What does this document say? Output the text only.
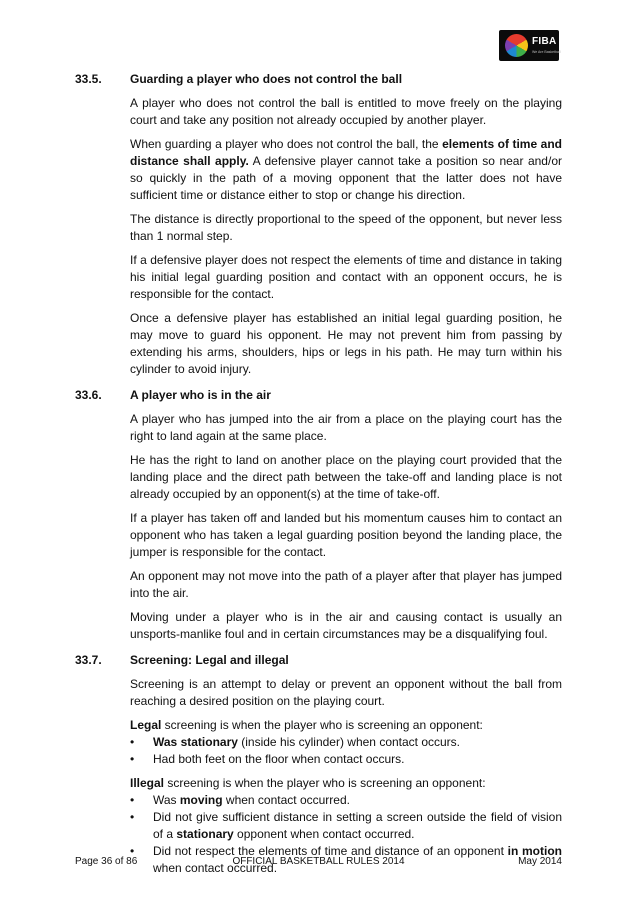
FIBA
We Are Basketball
33.5. Guarding a player who does not control the ball

A player who does not control the ball is entitled to move freely on the playing court and take any position not already occupied by another player.

When guarding a player who does not control the ball, the elements of time and distance shall apply. A defensive player cannot take a position so near and/or so quickly in the path of a moving opponent that the latter does not have sufficient time or distance either to stop or change his direction.

The distance is directly proportional to the speed of the opponent, but never less than 1 normal step.

If a defensive player does not respect the elements of time and distance in taking his initial legal guarding position and contact with an opponent occurs, he is responsible for the contact.

Once a defensive player has established an initial legal guarding position, he may move to guard his opponent. He may not prevent him from passing by extending his arms, shoulders, hips or legs in his path. He may turn within his cylinder to avoid injury.

33.6. A player who is in the air

A player who has jumped into the air from a place on the playing court has the right to land again at the same place.

He has the right to land on another place on the playing court provided that the landing place and the direct path between the take-off and landing place is not already occupied by an opponent(s) at the time of take-off.

If a player has taken off and landed but his momentum causes him to contact an opponent who has taken a legal guarding position beyond the landing place, the jumper is responsible for the contact.

An opponent may not move into the path of a player after that player has jumped into the air.

Moving under a player who is in the air and causing contact is usually an unsports-manlike foul and in certain circumstances may be a disqualifying foul.

33.7. Screening: Legal and illegal

Screening is an attempt to delay or prevent an opponent without the ball from reaching a desired position on the playing court.

Legal screening is when the player who is screening an opponent:

• Was stationary (inside his cylinder) when contact occurs.
• Had both feet on the floor when contact occurs.

Illegal screening is when the player who is screening an opponent:

• Was moving when contact occurred.
• Did not give sufficient distance in setting a screen outside the field of vision of a stationary opponent when contact occurred.
• Did not respect the elements of time and distance of an opponent in motion when contact occurred.
Page 36 of 86	OFFICIAL BASKETBALL RULES 2014	May 2014
